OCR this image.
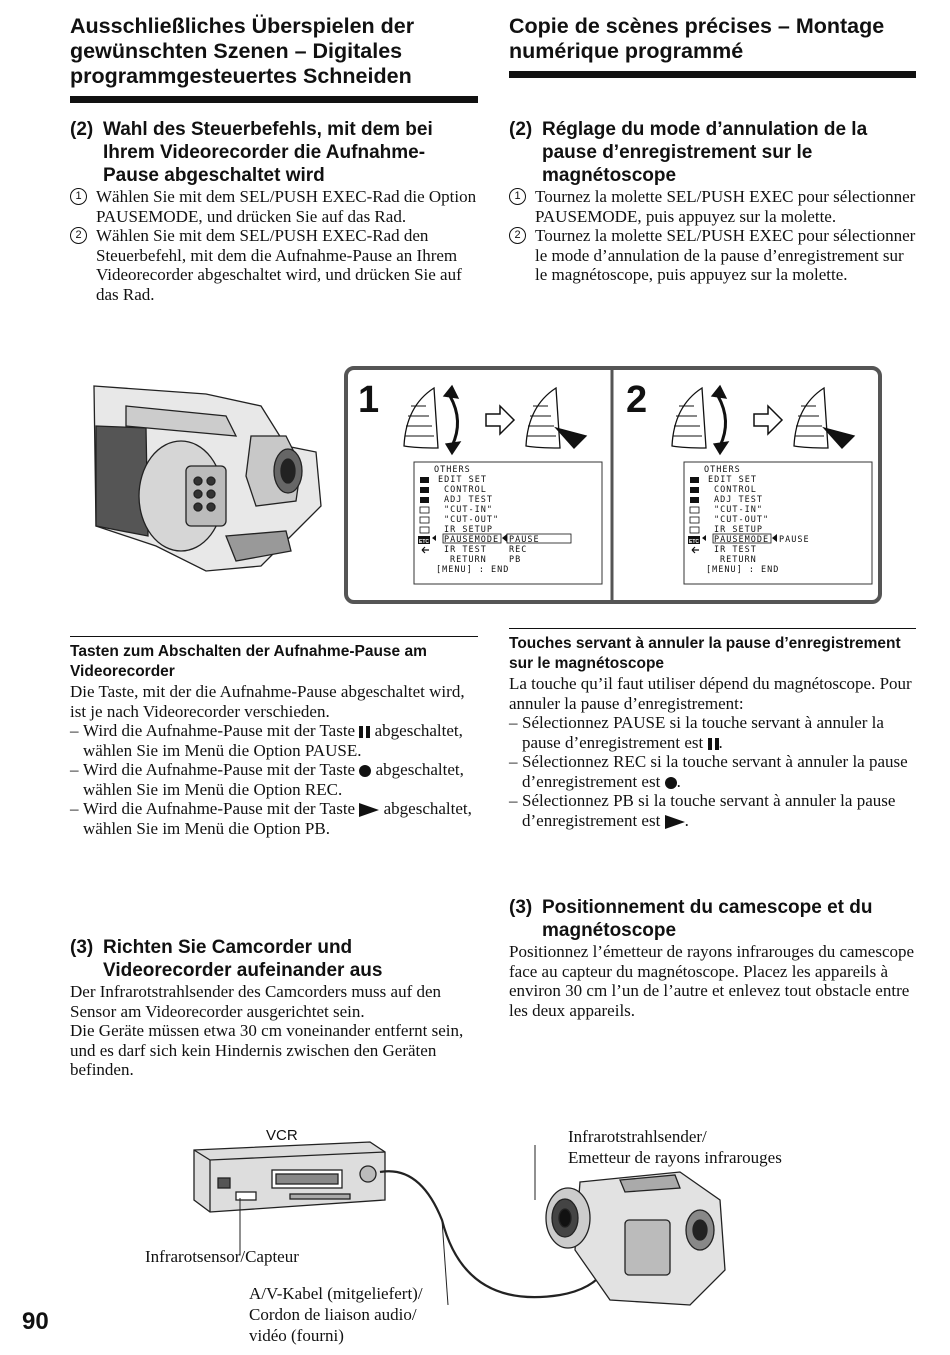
Ausschließliches Überspielen der gewünschten Szenen – Digitales programmgesteuertes Schneiden
(2) Wahl des Steuerbefehls, mit dem bei Ihrem Videorecorder die Aufnahme-Pause abgeschaltet wird
1 Wählen Sie mit dem SEL/PUSH EXEC-Rad die Option PAUSEMODE, und drücken Sie auf das Rad.
2 Wählen Sie mit dem SEL/PUSH EXEC-Rad den Steuerbefehl, mit dem die Aufnahme-Pause an Ihrem Videorecorder abgeschaltet wird, und drücken Sie auf das Rad.
Tasten zum Abschalten der Aufnahme-Pause am Videorecorder

Die Taste, mit der die Aufnahme-Pause abgeschaltet wird, ist je nach Videorecorder verschieden.

– Wird die Aufnahme-Pause mit der Taste abgeschaltet, wählen Sie im Menü die Option PAUSE.
– Wird die Aufnahme-Pause mit der Taste abgeschaltet, wählen Sie im Menü die Option REC.
– Wird die Aufnahme-Pause mit der Taste abgeschaltet, wählen Sie im Menü die Option PB.
(3) Richten Sie Camcorder und Videorecorder aufeinander aus

Der Infrarotstrahlsender des Camcorders muss auf den Sensor am Videorecorder ausgerichtet sein.

Die Geräte müssen etwa 30 cm voneinander entfernt sein, und es darf sich kein Hindernis zwischen den Geräten befinden.

Copie de scènes précises – Montage numérique programmé
(2) Réglage du mode d’annulation de la pause d’enregistrement sur le magnétoscope
1 Tournez la molette SEL/PUSH EXEC pour sélectionner PAUSEMODE, puis appuyez sur la molette.
2 Tournez la molette SEL/PUSH EXEC pour sélectionner le mode d’annulation de la pause d’enregistrement sur le magnétoscope, puis appuyez sur la molette.
Touches servant à annuler la pause d’enregistrement sur le magnétoscope

La touche qu’il faut utiliser dépend du magnétoscope. Pour annuler la pause d’enregistrement:

– Sélectionnez PAUSE si la touche servant à annuler la pause d’enregistrement est .
– Sélectionnez REC si la touche servant à annuler la pause d’enregistrement est .
– Sélectionnez PB si la touche servant à annuler la pause d’enregistrement est .
(3) Positionnement du camescope et du magnétoscope

Positionnez l’émetteur de rayons infrarouges du camescope face au capteur du magnétoscope. Placez les appareils à environ 30 cm l’un de l’autre et enlevez tout obstacle entre les deux appareils.

1	2
OTHERS
EDIT SET
CONTROL
ADJ TEST
"CUT-IN"
"CUT-OUT"
IR SETUP
PAUSEMODE PAUSE
IR TEST	REC
RETURN	PB
[MENU] : END
ETC
OTHERS
EDIT SET
CONTROL
ADJ TEST
"CUT-IN"
"CUT-OUT"
IR SETUP
PAUSEMODE PAUSE
IR TEST
RETURN
[MENU] : END
ETC
VCR	Infrarotstrahlsender/
Emetteur de rayons infrarouges
Infrarotsensor/Capteur
A/V-Kabel (mitgeliefert)/
Cordon de liaison audio/
vidéo (fourni)
90
